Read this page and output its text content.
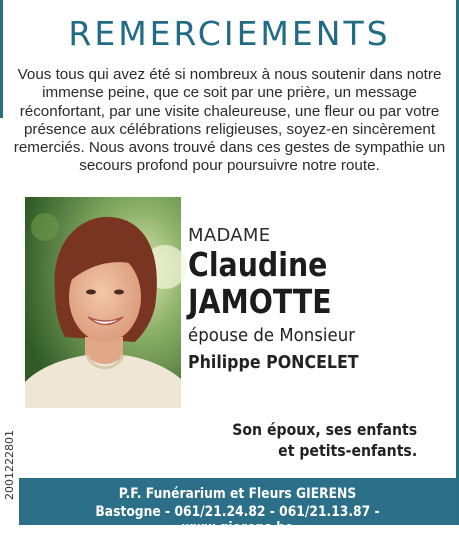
REMERCIEMENTS

Vous tous qui avez été si nombreux à nous soutenir dans notre immense peine, que ce soit par une prière, un message réconfortant, par une visite chaleureuse, une fleur ou par votre présence aux célébrations religieuses, soyez-en sincèrement remerciés. Nous avons trouvé dans ces gestes de sympathie un secours profond pour poursuivre notre route.

MADAME
Claudine
JAMOTTE
épouse de Monsieur
Philippe PONCELET
Son époux, ses enfants
et petits-enfants.
2001222801	P.F. Funérarium et Fleurs GIERENS
Bastogne - 061/21.24.82 - 061/21.13.87 - www.gierens.be
